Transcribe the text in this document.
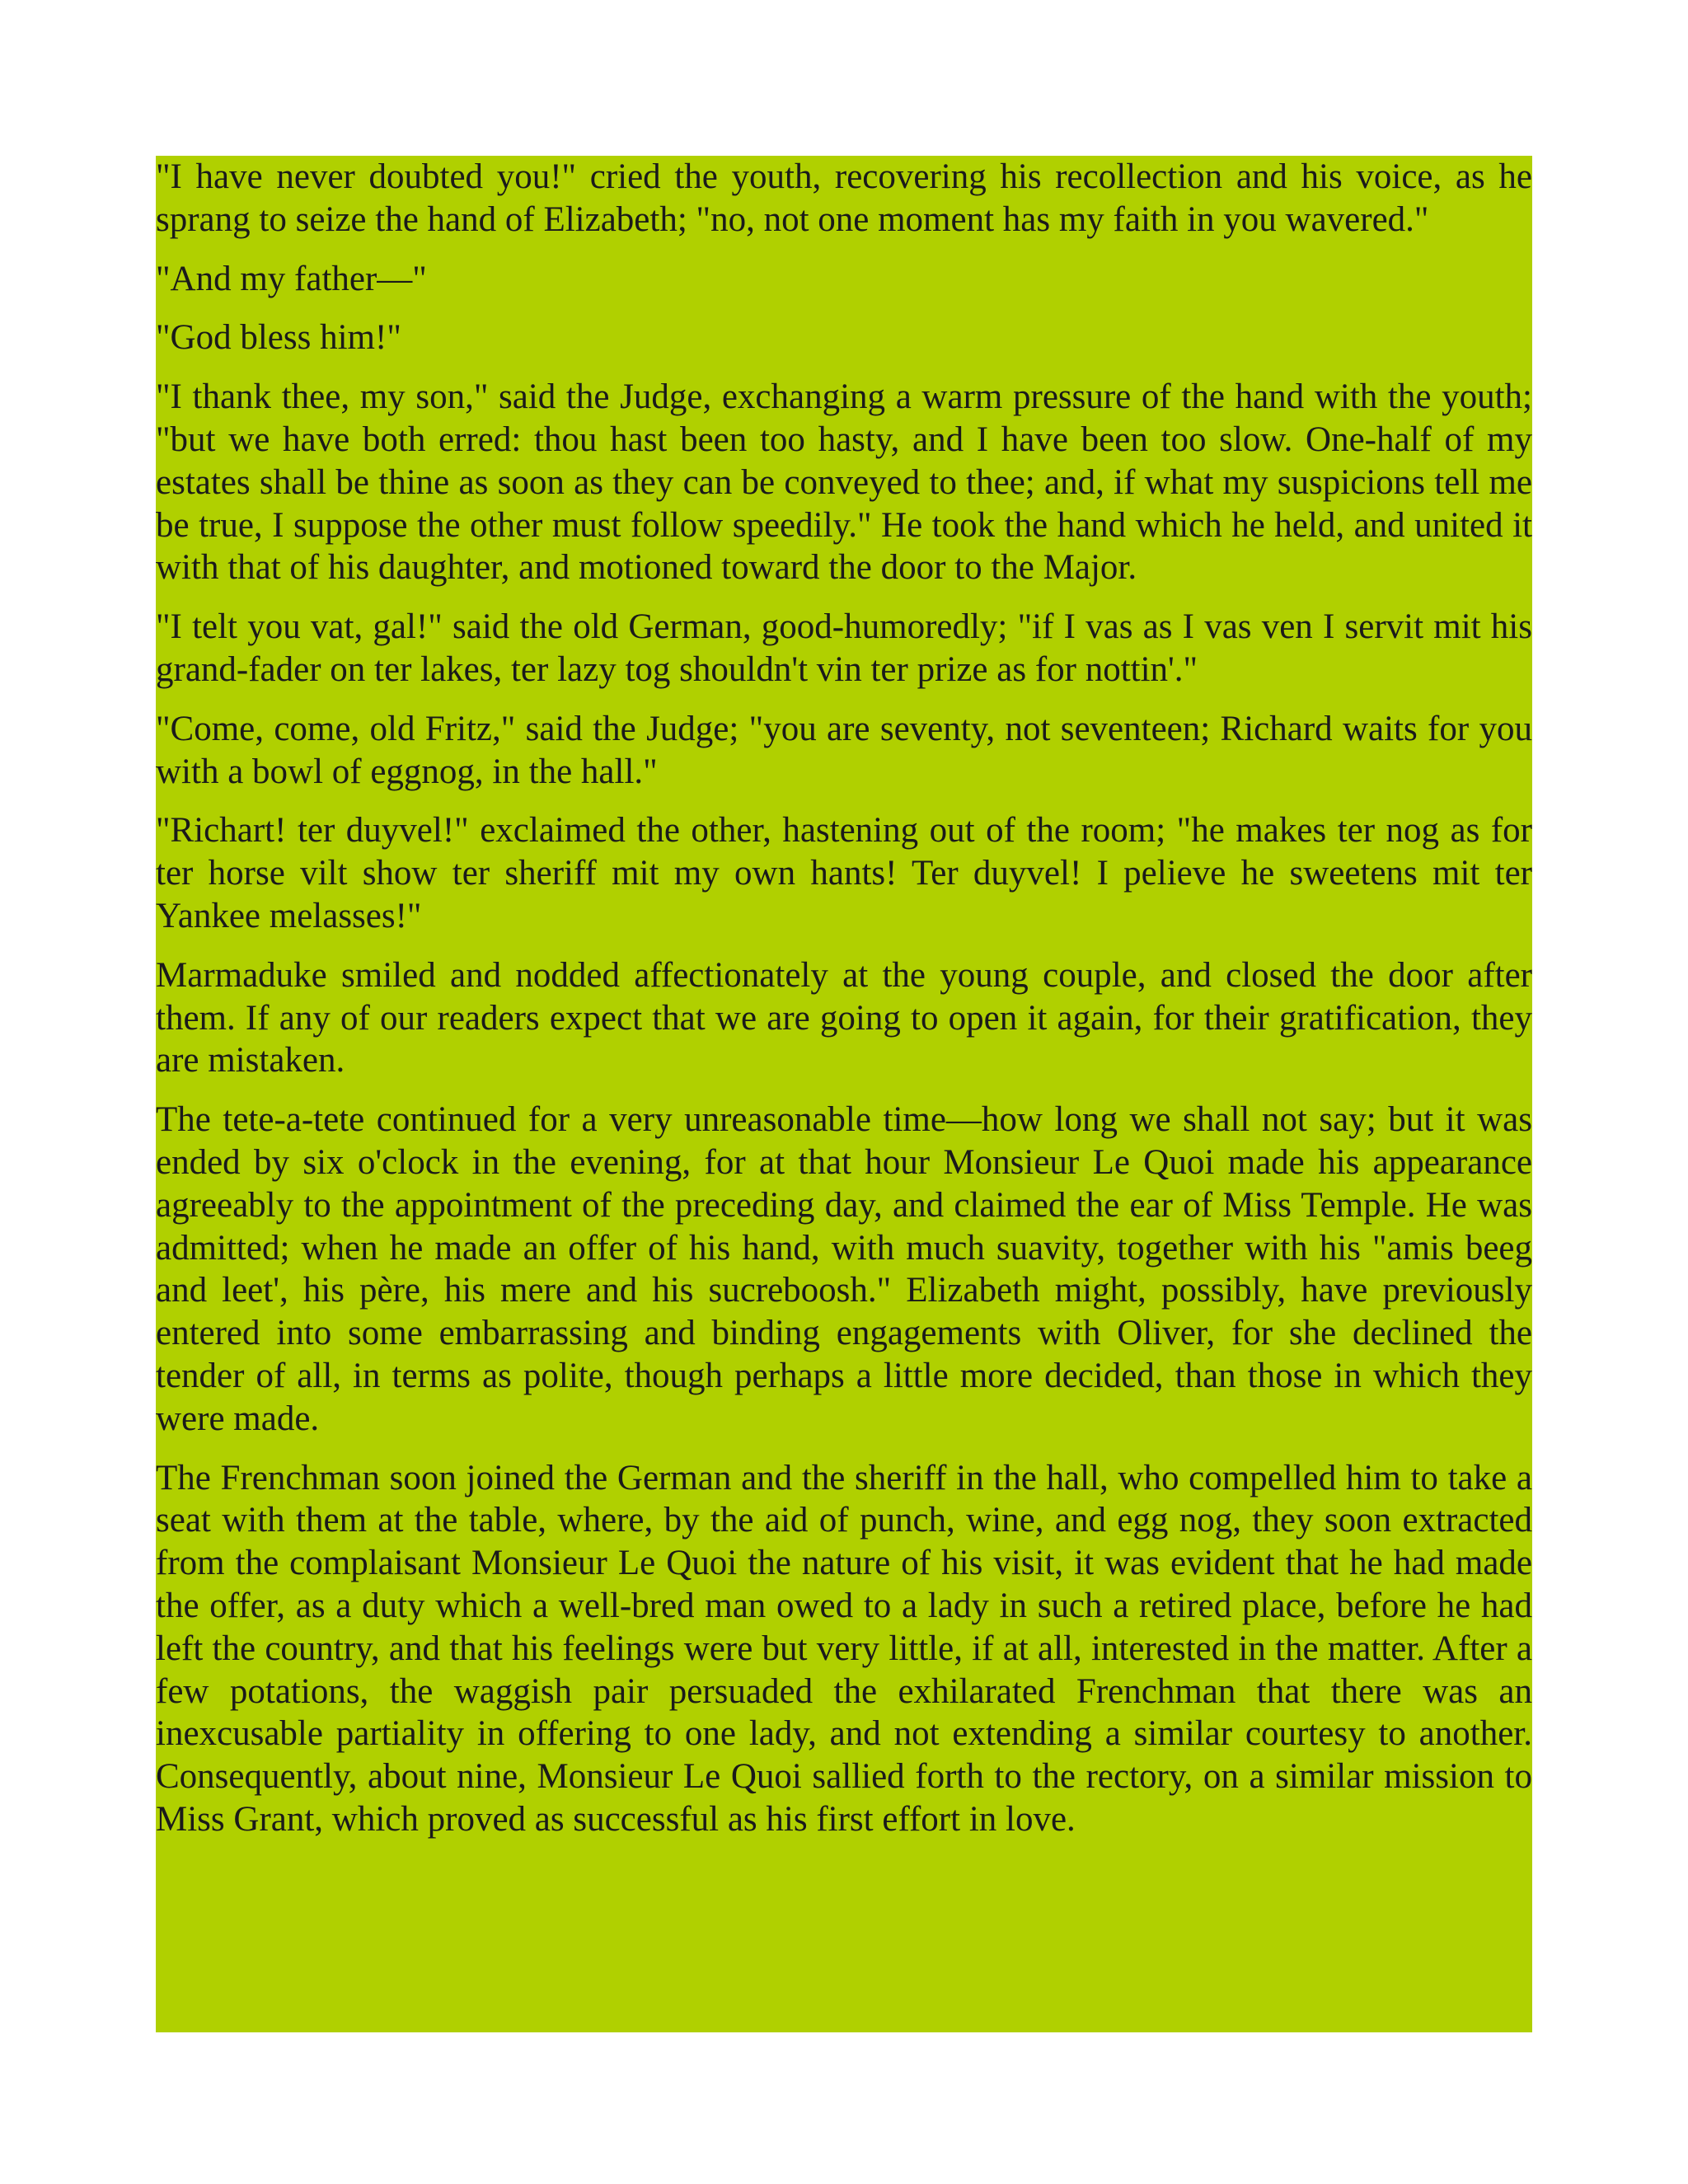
"I have never doubted you!" cried the youth, recovering his recollection and his voice, as he sprang to seize the hand of Elizabeth; "no, not one moment has my faith in you wavered."

"And my father—"

"God bless him!"

"I thank thee, my son," said the Judge, exchanging a warm pressure of the hand with the youth; "but we have both erred: thou hast been too hasty, and I have been too slow. One-half of my estates shall be thine as soon as they can be conveyed to thee; and, if what my suspicions tell me be true, I suppose the other must follow speedily." He took the hand which he held, and united it with that of his daughter, and motioned toward the door to the Major.

"I telt you vat, gal!" said the old German, good-humoredly; "if I vas as I vas ven I servit mit his grand-fader on ter lakes, ter lazy tog shouldn't vin ter prize as for nottin'."

"Come, come, old Fritz," said the Judge; "you are seventy, not seventeen; Richard waits for you with a bowl of eggnog, in the hall."

"Richart! ter duyvel!" exclaimed the other, hastening out of the room; "he makes ter nog as for ter horse vilt show ter sheriff mit my own hants! Ter duyvel! I pelieve he sweetens mit ter Yankee melasses!"

Marmaduke smiled and nodded affectionately at the young couple, and closed the door after them. If any of our readers expect that we are going to open it again, for their gratification, they are mistaken.

The tete-a-tete continued for a very unreasonable time—how long we shall not say; but it was ended by six o'clock in the evening, for at that hour Monsieur Le Quoi made his appearance agreeably to the appointment of the preceding day, and claimed the ear of Miss Temple. He was admitted; when he made an offer of his hand, with much suavity, together with his "amis beeg and leet', his père, his mere and his sucreboosh." Elizabeth might, possibly, have previously entered into some embarrassing and binding engagements with Oliver, for she declined the tender of all, in terms as polite, though perhaps a little more decided, than those in which they were made.

The Frenchman soon joined the German and the sheriff in the hall, who compelled him to take a seat with them at the table, where, by the aid of punch, wine, and egg nog, they soon extracted from the complaisant Monsieur Le Quoi the nature of his visit, it was evident that he had made the offer, as a duty which a well-bred man owed to a lady in such a retired place, before he had left the country, and that his feelings were but very little, if at all, interested in the matter. After a few potations, the waggish pair persuaded the exhilarated Frenchman that there was an inexcusable partiality in offering to one lady, and not extending a similar courtesy to another. Consequently, about nine, Monsieur Le Quoi sallied forth to the rectory, on a similar mission to Miss Grant, which proved as successful as his first effort in love.
